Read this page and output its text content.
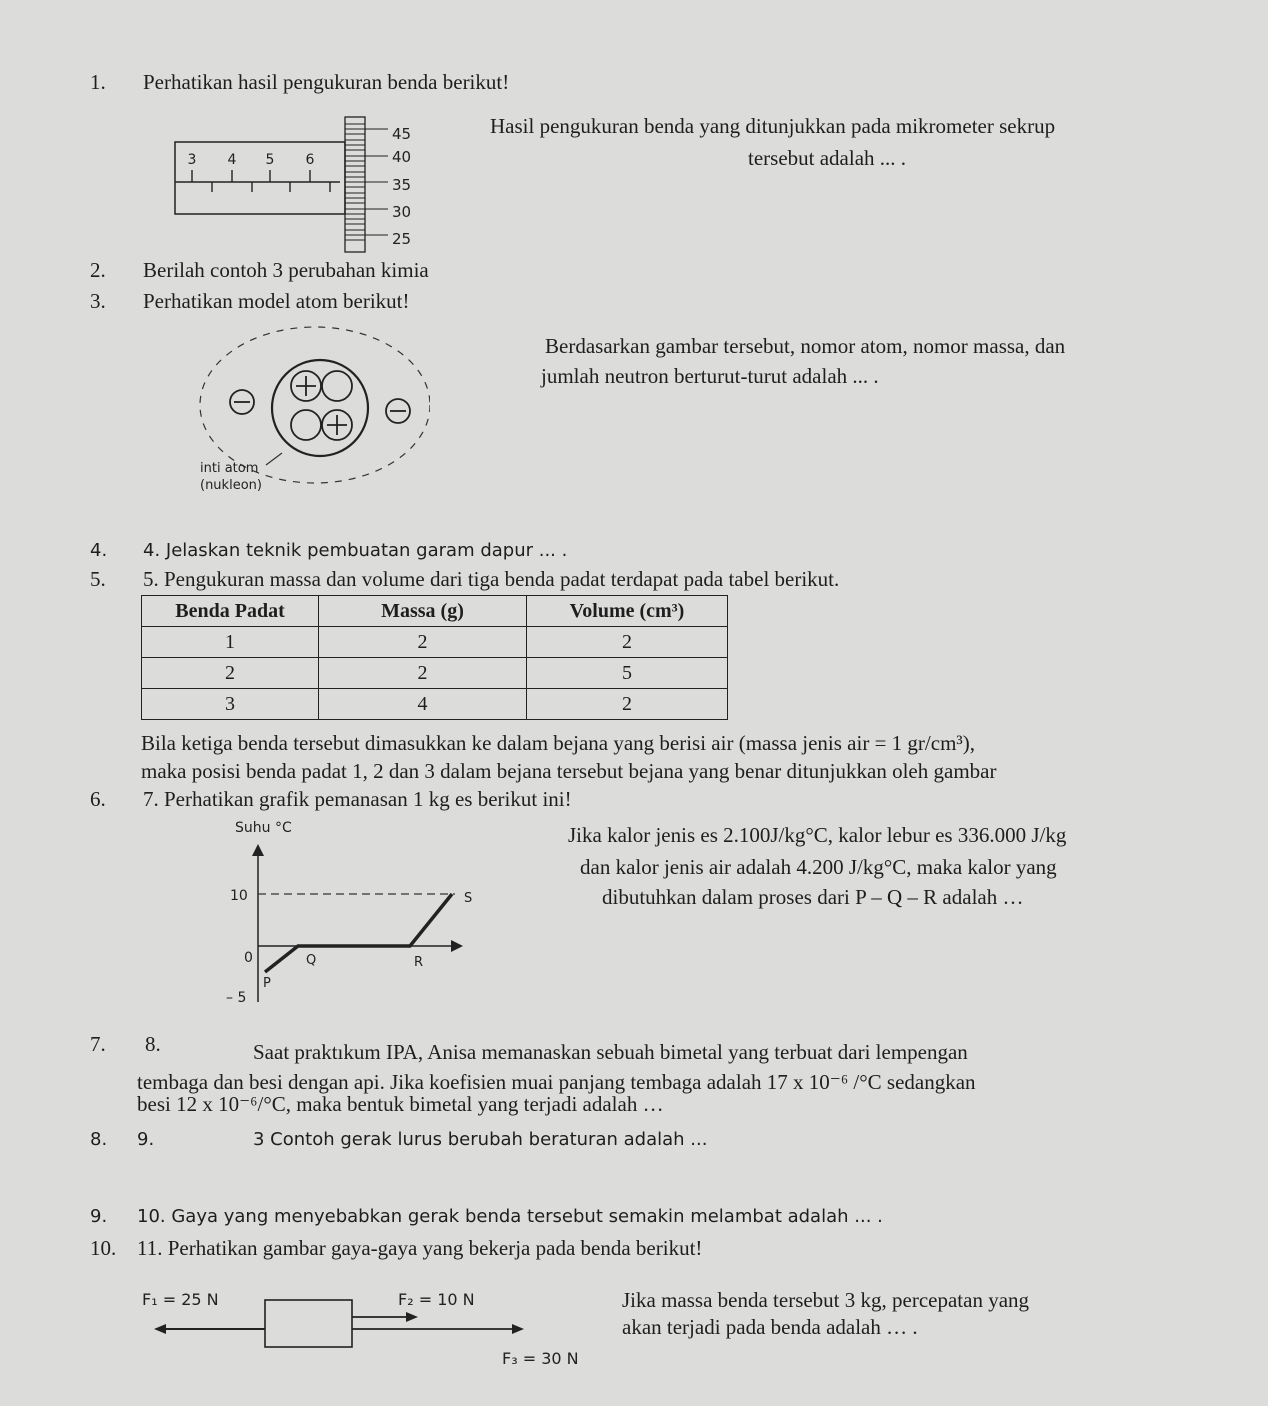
1. Perhatikan hasil pengukuran benda berikut!
Hasil pengukuran benda yang ditunjukkan pada mikrometer sekrup
tersebut adalah ... .
3 4 5 6
45
40
35
30
25
2. Berilah contoh 3 perubahan kimia
3. Perhatikan model atom berikut!
Berdasarkan gambar tersebut, nomor atom, nomor massa, dan
jumlah neutron berturut-turut adalah ... .
inti atom
(nukleon)
4. 4. Jelaskan teknik pembuatan garam dapur ... .
5. 5. Pengukuran massa dan volume dari tiga benda padat terdapat pada tabel berikut.
Benda Padat	Massa (g)	Volume (cm³)
1	2	2
2	2	5
3	4	2
Bila ketiga benda tersebut dimasukkan ke dalam bejana yang berisi air (massa jenis air = 1 gr/cm³),
maka posisi benda padat 1, 2 dan 3 dalam bejana tersebut bejana yang benar ditunjukkan oleh gambar
6. 7. Perhatikan grafik pemanasan 1 kg es berikut ini!
Jika kalor jenis es 2.100J/kg°C, kalor lebur es 336.000 J/kg
dan kalor jenis air adalah 4.200 J/kg°C, maka kalor yang
dibutuhkan dalam proses dari P – Q – R adalah …
Suhu °C
10
0
– 5
P
Q	R
S
7. 8.	Saat praktıkum IPA, Anisa memanaskan sebuah bimetal yang terbuat dari lempengan
tembaga dan besi dengan api. Jika koefisien muai panjang tembaga adalah 17 x 10⁻⁶ /°C sedangkan
besi 12 x 10⁻⁶/°C, maka bentuk bimetal yang terjadi adalah …
8. 9.	3 Contoh gerak lurus berubah beraturan adalah ...
9. 10. Gaya yang menyebabkan gerak benda tersebut semakin melambat adalah ... .
10. 11. Perhatikan gambar gaya-gaya yang bekerja pada benda berikut!
Jika massa benda tersebut 3 kg, percepatan yang
akan terjadi pada benda adalah … .
F₁ = 25 N	F₂ = 10 N
F₃ = 30 N
